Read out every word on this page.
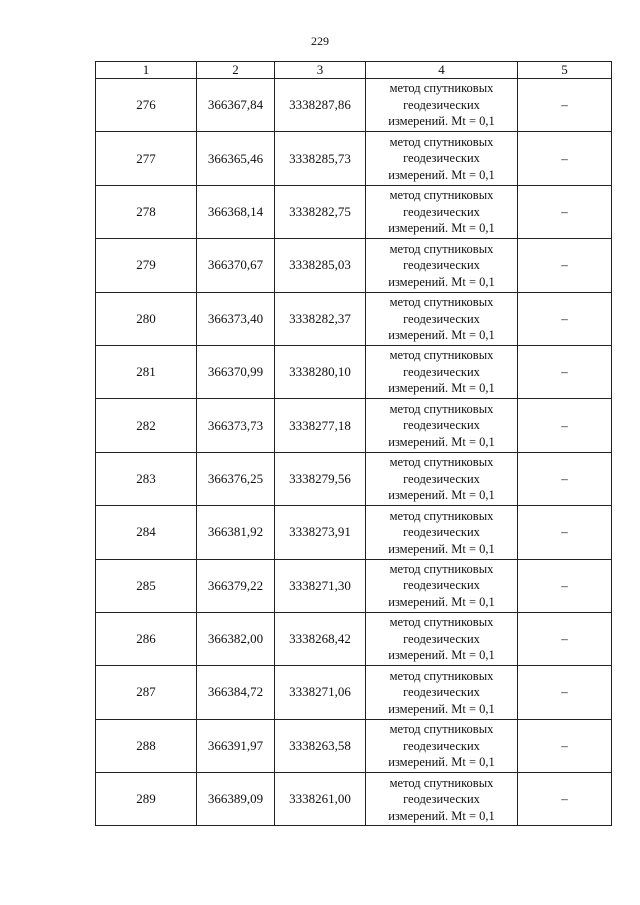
229
1	2	3	4	5
276	366367,84	3338287,86	метод спутниковых
геодезических
измерений. Mt = 0,1	–
277	366365,46	3338285,73	метод спутниковых
геодезических
измерений. Mt = 0,1	–
278	366368,14	3338282,75	метод спутниковых
геодезических
измерений. Mt = 0,1	–
279	366370,67	3338285,03	метод спутниковых
геодезических
измерений. Mt = 0,1	–
280	366373,40	3338282,37	метод спутниковых
геодезических
измерений. Mt = 0,1	–
281	366370,99	3338280,10	метод спутниковых
геодезических
измерений. Mt = 0,1	–
282	366373,73	3338277,18	метод спутниковых
геодезических
измерений. Mt = 0,1	–
283	366376,25	3338279,56	метод спутниковых
геодезических
измерений. Mt = 0,1	–
284	366381,92	3338273,91	метод спутниковых
геодезических
измерений. Mt = 0,1	–
285	366379,22	3338271,30	метод спутниковых
геодезических
измерений. Mt = 0,1	–
286	366382,00	3338268,42	метод спутниковых
геодезических
измерений. Mt = 0,1	–
287	366384,72	3338271,06	метод спутниковых
геодезических
измерений. Mt = 0,1	–
288	366391,97	3338263,58	метод спутниковых
геодезических
измерений. Mt = 0,1	–
289	366389,09	3338261,00	метод спутниковых
геодезических
измерений. Mt = 0,1	–
